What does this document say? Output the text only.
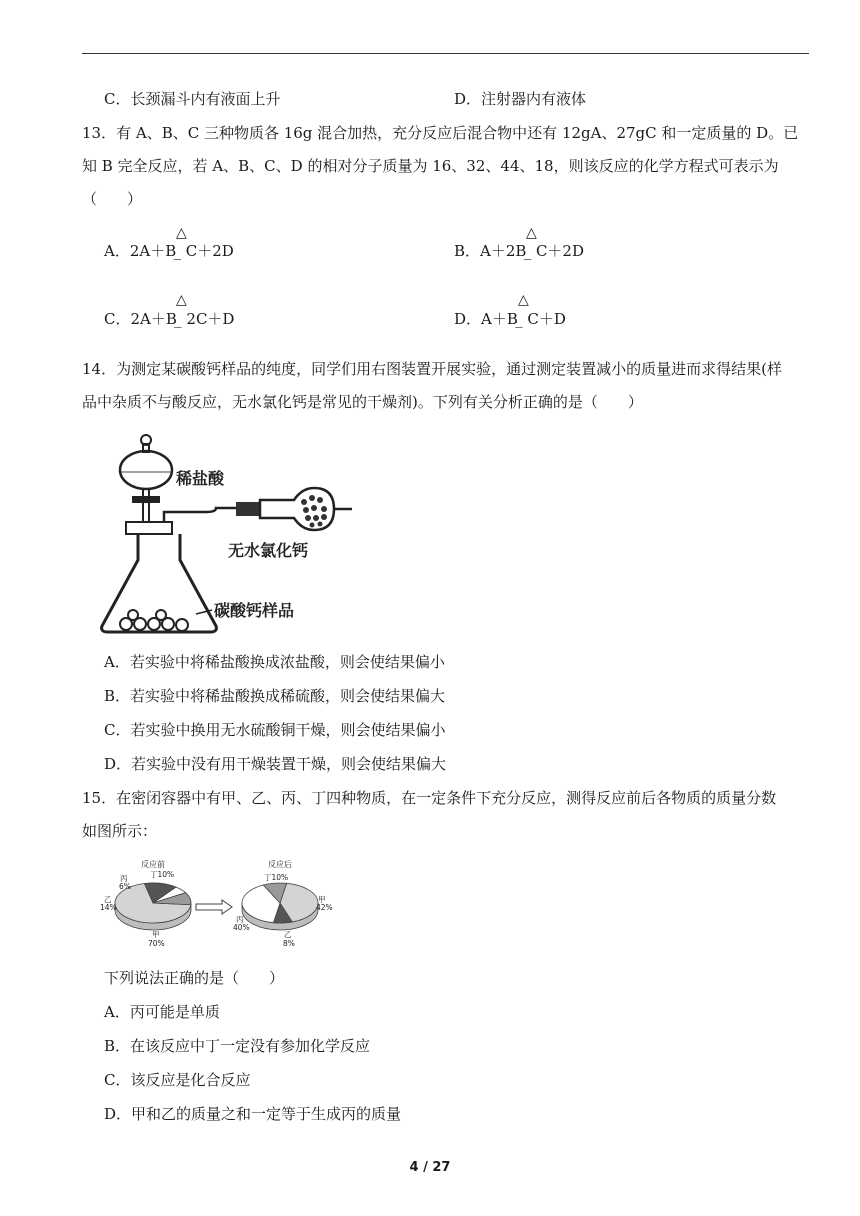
C．长颈漏斗内有液面上升	D．注射器内有液体
13．有 A、B、C 三种物质各 16g 混合加热，充分反应后混合物中还有 12gA、27gC 和一定质量的 D。已
知 B 完全反应，若 A、B、C、D 的相对分子质量为 16、32、44、18，则该反应的化学方程式可表示为
（　　）
△
A．2A＋B ̲ C＋2D
△
B．A＋2B ̲ C＋2D
△
C．2A＋B ̲ 2C＋D
△
D．A＋B ̲ C＋D
14．为测定某碳酸钙样品的纯度，同学们用右图装置开展实验，通过测定装置减小的质量进而求得结果(样
品中杂质不与酸反应，无水氯化钙是常见的干燥剂)。下列有关分析正确的是（　　）
稀盐酸
无水氯化钙
碳酸钙样品
A．若实验中将稀盐酸换成浓盐酸，则会使结果偏小
B．若实验中将稀盐酸换成稀硫酸，则会使结果偏大
C．若实验中换用无水硫酸铜干燥，则会使结果偏小
D．若实验中没有用干燥装置干燥，则会使结果偏大
15．在密闭容器中有甲、乙、丙、丁四种物质，在一定条件下充分反应，测得反应前后各物质的质量分数
如图所示：
反应前	反应后
丁10%
丙
6%
乙
14%
甲
70%
丁10%
甲
42%
丙
40%
乙
8%
下列说法正确的是（　　）
A．丙可能是单质
B．在该反应中丁一定没有参加化学反应
C．该反应是化合反应
D．甲和乙的质量之和一定等于生成丙的质量
4 / 27
